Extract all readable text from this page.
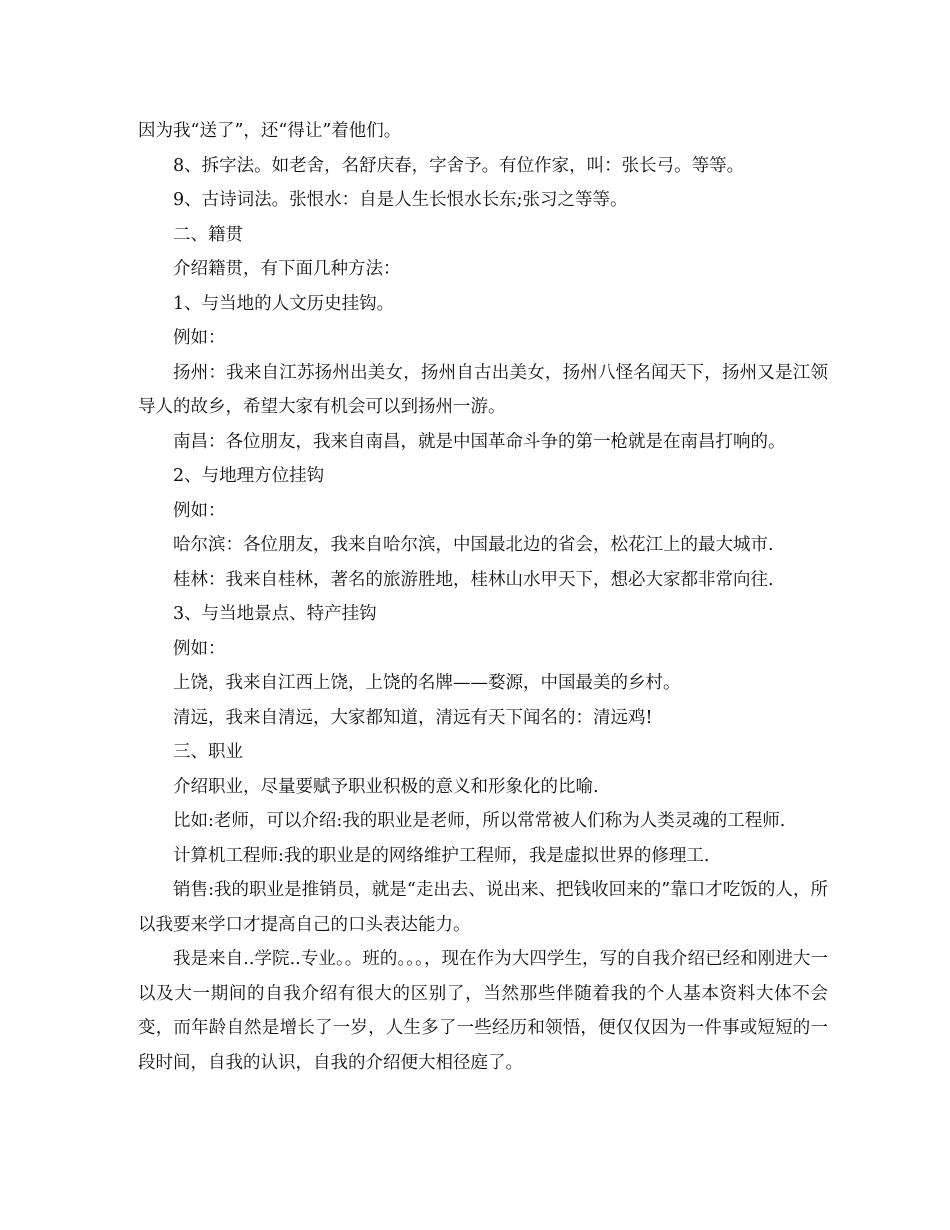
因为我“送了”，还“得让”着他们。

8、拆字法。如老舍，名舒庆春，字舍予。有位作家，叫：张长弓。等等。

9、古诗词法。张恨水：自是人生长恨水长东;张习之等等。

二、籍贯

介绍籍贯，有下面几种方法：

1、与当地的人文历史挂钩。

例如：

扬州：我来自江苏扬州出美女，扬州自古出美女，扬州八怪名闻天下，扬州又是江领导人的故乡，希望大家有机会可以到扬州一游。

南昌：各位朋友，我来自南昌，就是中国革命斗争的第一枪就是在南昌打响的。

2、与地理方位挂钩

例如：

哈尔滨：各位朋友，我来自哈尔滨，中国最北边的省会，松花江上的最大城市.

桂林：我来自桂林，著名的旅游胜地，桂林山水甲天下，想必大家都非常向往.

3、与当地景点、特产挂钩

例如：

上饶，我来自江西上饶，上饶的名牌——婺源，中国最美的乡村。

清远，我来自清远，大家都知道，清远有天下闻名的：清远鸡!

三、职业

介绍职业，尽量要赋予职业积极的意义和形象化的比喻.

比如:老师，可以介绍:我的职业是老师，所以常常被人们称为人类灵魂的工程师.

计算机工程师:我的职业是的网络维护工程师，我是虚拟世界的修理工.

销售:我的职业是推销员，就是“走出去、说出来、把钱收回来的”靠口才吃饭的人，所以我要来学口才提高自己的口头表达能力。

我是来自..学院..专业。。班的。。。，现在作为大四学生，写的自我介绍已经和刚进大一以及大一期间的自我介绍有很大的区别了，当然那些伴随着我的个人基本资料大体不会变，而年龄自然是增长了一岁，人生多了一些经历和领悟，便仅仅因为一件事或短短的一段时间，自我的认识，自我的介绍便大相径庭了。
